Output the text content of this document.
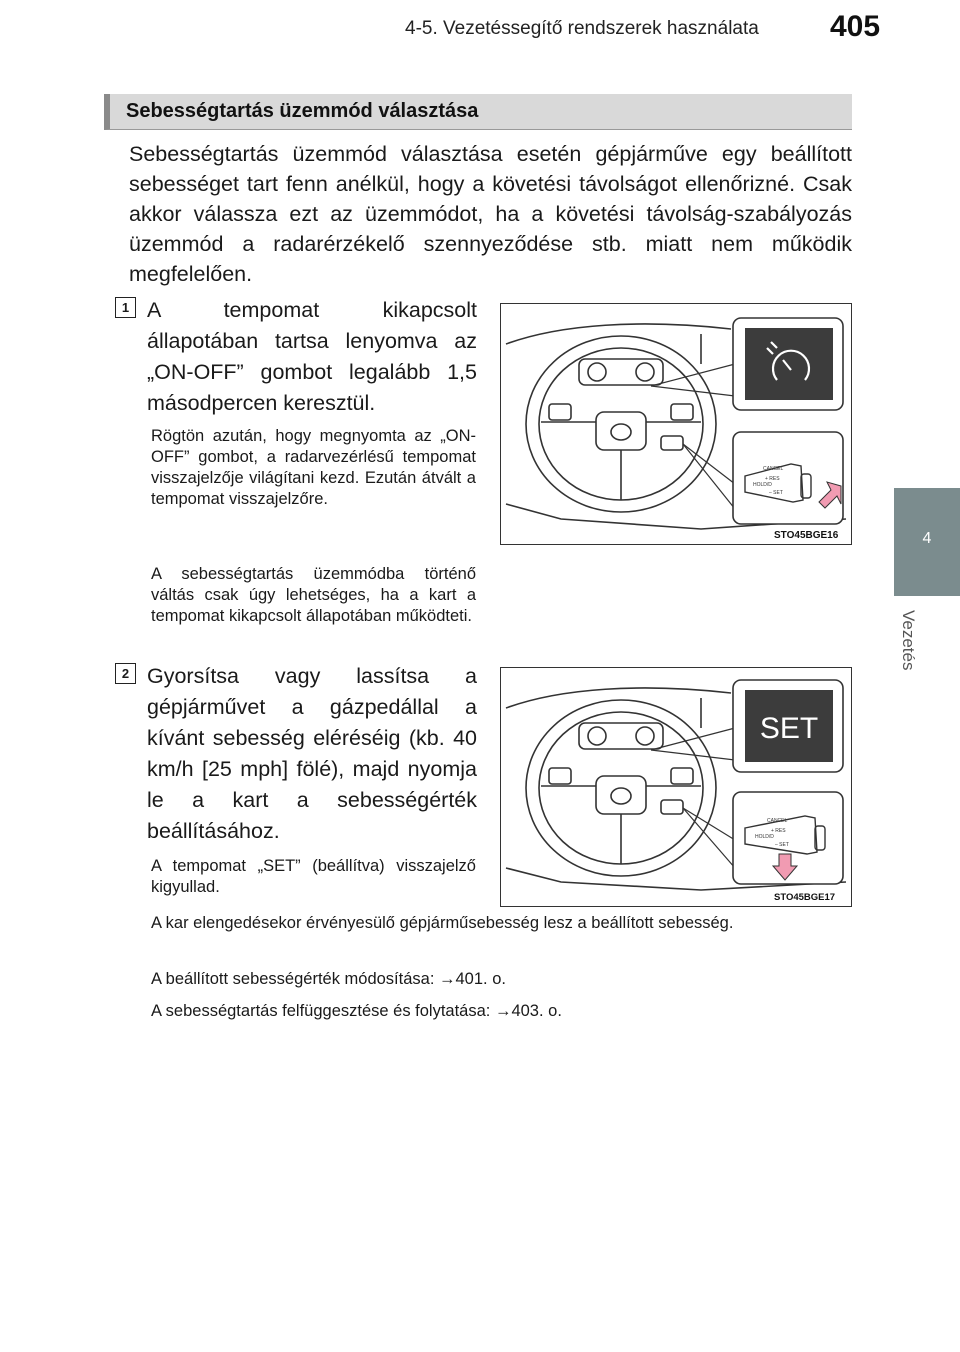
4-5. Vezetéssegítő rendszerek használata 405
4
Vezetés
Sebességtartás üzemmód választása
Sebességtartás üzemmód választása esetén gépjárműve egy beállított sebességet tart fenn anélkül, hogy a követési távolságot ellenőrizné. Csak akkor válassza ezt az üzemmódot, ha a követési távolság-szabályozás üzemmód a radarérzékelő szennyeződése stb. miatt nem működik megfelelően.
1 A tempomat kikapcsolt állapotában tartsa lenyomva az „ON-OFF” gombot legalább 1,5 másodpercen keresztül.
Rögtön azután, hogy megnyomta az „ON-OFF” gombot, a radarvezérlésű tempomat visszajelzője világítani kezd. Ezután átvált a tempomat visszajelzőre.
A sebességtartás üzemmódba történő váltás csak úgy lehetséges, ha a kart a tempomat kikapcsolt állapotában működteti.
CANCEL
+ RES
HOLD/D
– SET
STO45BGE16
2 Gyorsítsa vagy lassítsa a gépjárművet a gázpedállal a kívánt sebesség eléréséig (kb. 40 km/h [25 mph] fölé), majd nyomja le a kart a sebességérték beállításához.
A tempomat „SET” (beállítva) visszajelző kigyullad.
A kar elengedésekor érvényesülő gépjárműsebesség lesz a beállított sebesség.
SET
CANCEL
+ RES
HOLD/D
– SET
STO45BGE17
A beállított sebességérték módosítása: →401. o.
A sebességtartás felfüggesztése és folytatása: →403. o.
